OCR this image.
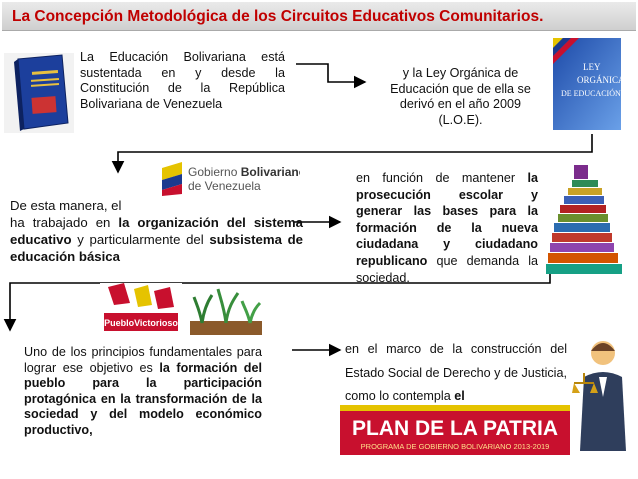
La Concepción Metodológica de los Circuitos Educativos Comunitarios.
La Educación Bolivariana está sustentada en y desde la Constitución de la República Bolivariana de Venezuela
y la Ley Orgánica de Educación que de ella se derivó en el año 2009 (L.O.E).
LEY
ORGÁNICA
DE EDUCACIÓN
Gobierno Bolivariano
de Venezuela
De esta manera, el
ha trabajado en la organización del sistema educativo y particularmente del subsistema de educación básica
en función de mantener la prosecución escolar y generar las bases para la formación de la nueva ciudadana y ciudadano republicano que demanda la sociedad.
PuebloVictorioso
Uno de los principios fundamentales para lograr ese objetivo es la formación del pueblo para la participación protagónica en la transformación de la sociedad y del modelo económico productivo,
en el marco de la construcción del Estado Social de Derecho y de Justicia, como lo contempla el
PLAN DE LA PATRIA
PROGRAMA DE GOBIERNO BOLIVARIANO 2013-2019
